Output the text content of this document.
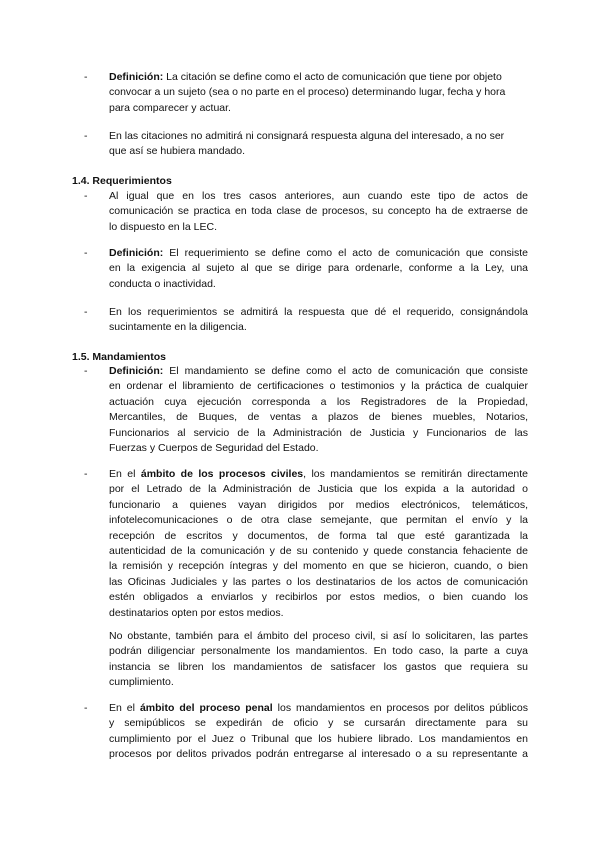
- Definición: La citación se define como el acto de comunicación que tiene por objeto
convocar a un sujeto (sea o no parte en el proceso) determinando lugar, fecha y hora
para comparecer y actuar.
- En las citaciones no admitirá ni consignará respuesta alguna del interesado, a no ser
que así se hubiera mandado.
1.4. Requerimientos
- Al igual que en los tres casos anteriores, aun cuando este tipo de actos de
comunicación se practica en toda clase de procesos, su concepto ha de extraerse de
lo dispuesto en la LEC.
- Definición: El requerimiento se define como el acto de comunicación que consiste
en la exigencia al sujeto al que se dirige para ordenarle, conforme a la Ley, una
conducta o inactividad.
- En los requerimientos se admitirá la respuesta que dé el requerido, consignándola
sucintamente en la diligencia.
1.5. Mandamientos
- Definición: El mandamiento se define como el acto de comunicación que consiste
en ordenar el libramiento de certificaciones o testimonios y la práctica de cualquier
actuación cuya ejecución corresponda a los Registradores de la Propiedad,
Mercantiles, de Buques, de ventas a plazos de bienes muebles, Notarios,
Funcionarios al servicio de la Administración de Justicia y Funcionarios de las
Fuerzas y Cuerpos de Seguridad del Estado.
- En el ámbito de los procesos civiles, los mandamientos se remitirán directamente
por el Letrado de la Administración de Justicia que los expida a la autoridad o
funcionario a quienes vayan dirigidos por medios electrónicos, telemáticos,
infotelecomunicaciones o de otra clase semejante, que permitan el envío y la
recepción de escritos y documentos, de forma tal que esté garantizada la
autenticidad de la comunicación y de su contenido y quede constancia fehaciente de
la remisión y recepción íntegras y del momento en que se hicieron, cuando, o bien
las Oficinas Judiciales y las partes o los destinatarios de los actos de comunicación
estén obligados a enviarlos y recibirlos por estos medios, o bien cuando los
destinatarios opten por estos medios.
No obstante, también para el ámbito del proceso civil, si así lo solicitaren, las partes
podrán diligenciar personalmente los mandamientos. En todo caso, la parte a cuya
instancia se libren los mandamientos de satisfacer los gastos que requiera su
cumplimiento.
- En el ámbito del proceso penal los mandamientos en procesos por delitos públicos
y semipúblicos se expedirán de oficio y se cursarán directamente para su
cumplimiento por el Juez o Tribunal que los hubiere librado. Los mandamientos en
procesos por delitos privados podrán entregarse al interesado o a su representante a
